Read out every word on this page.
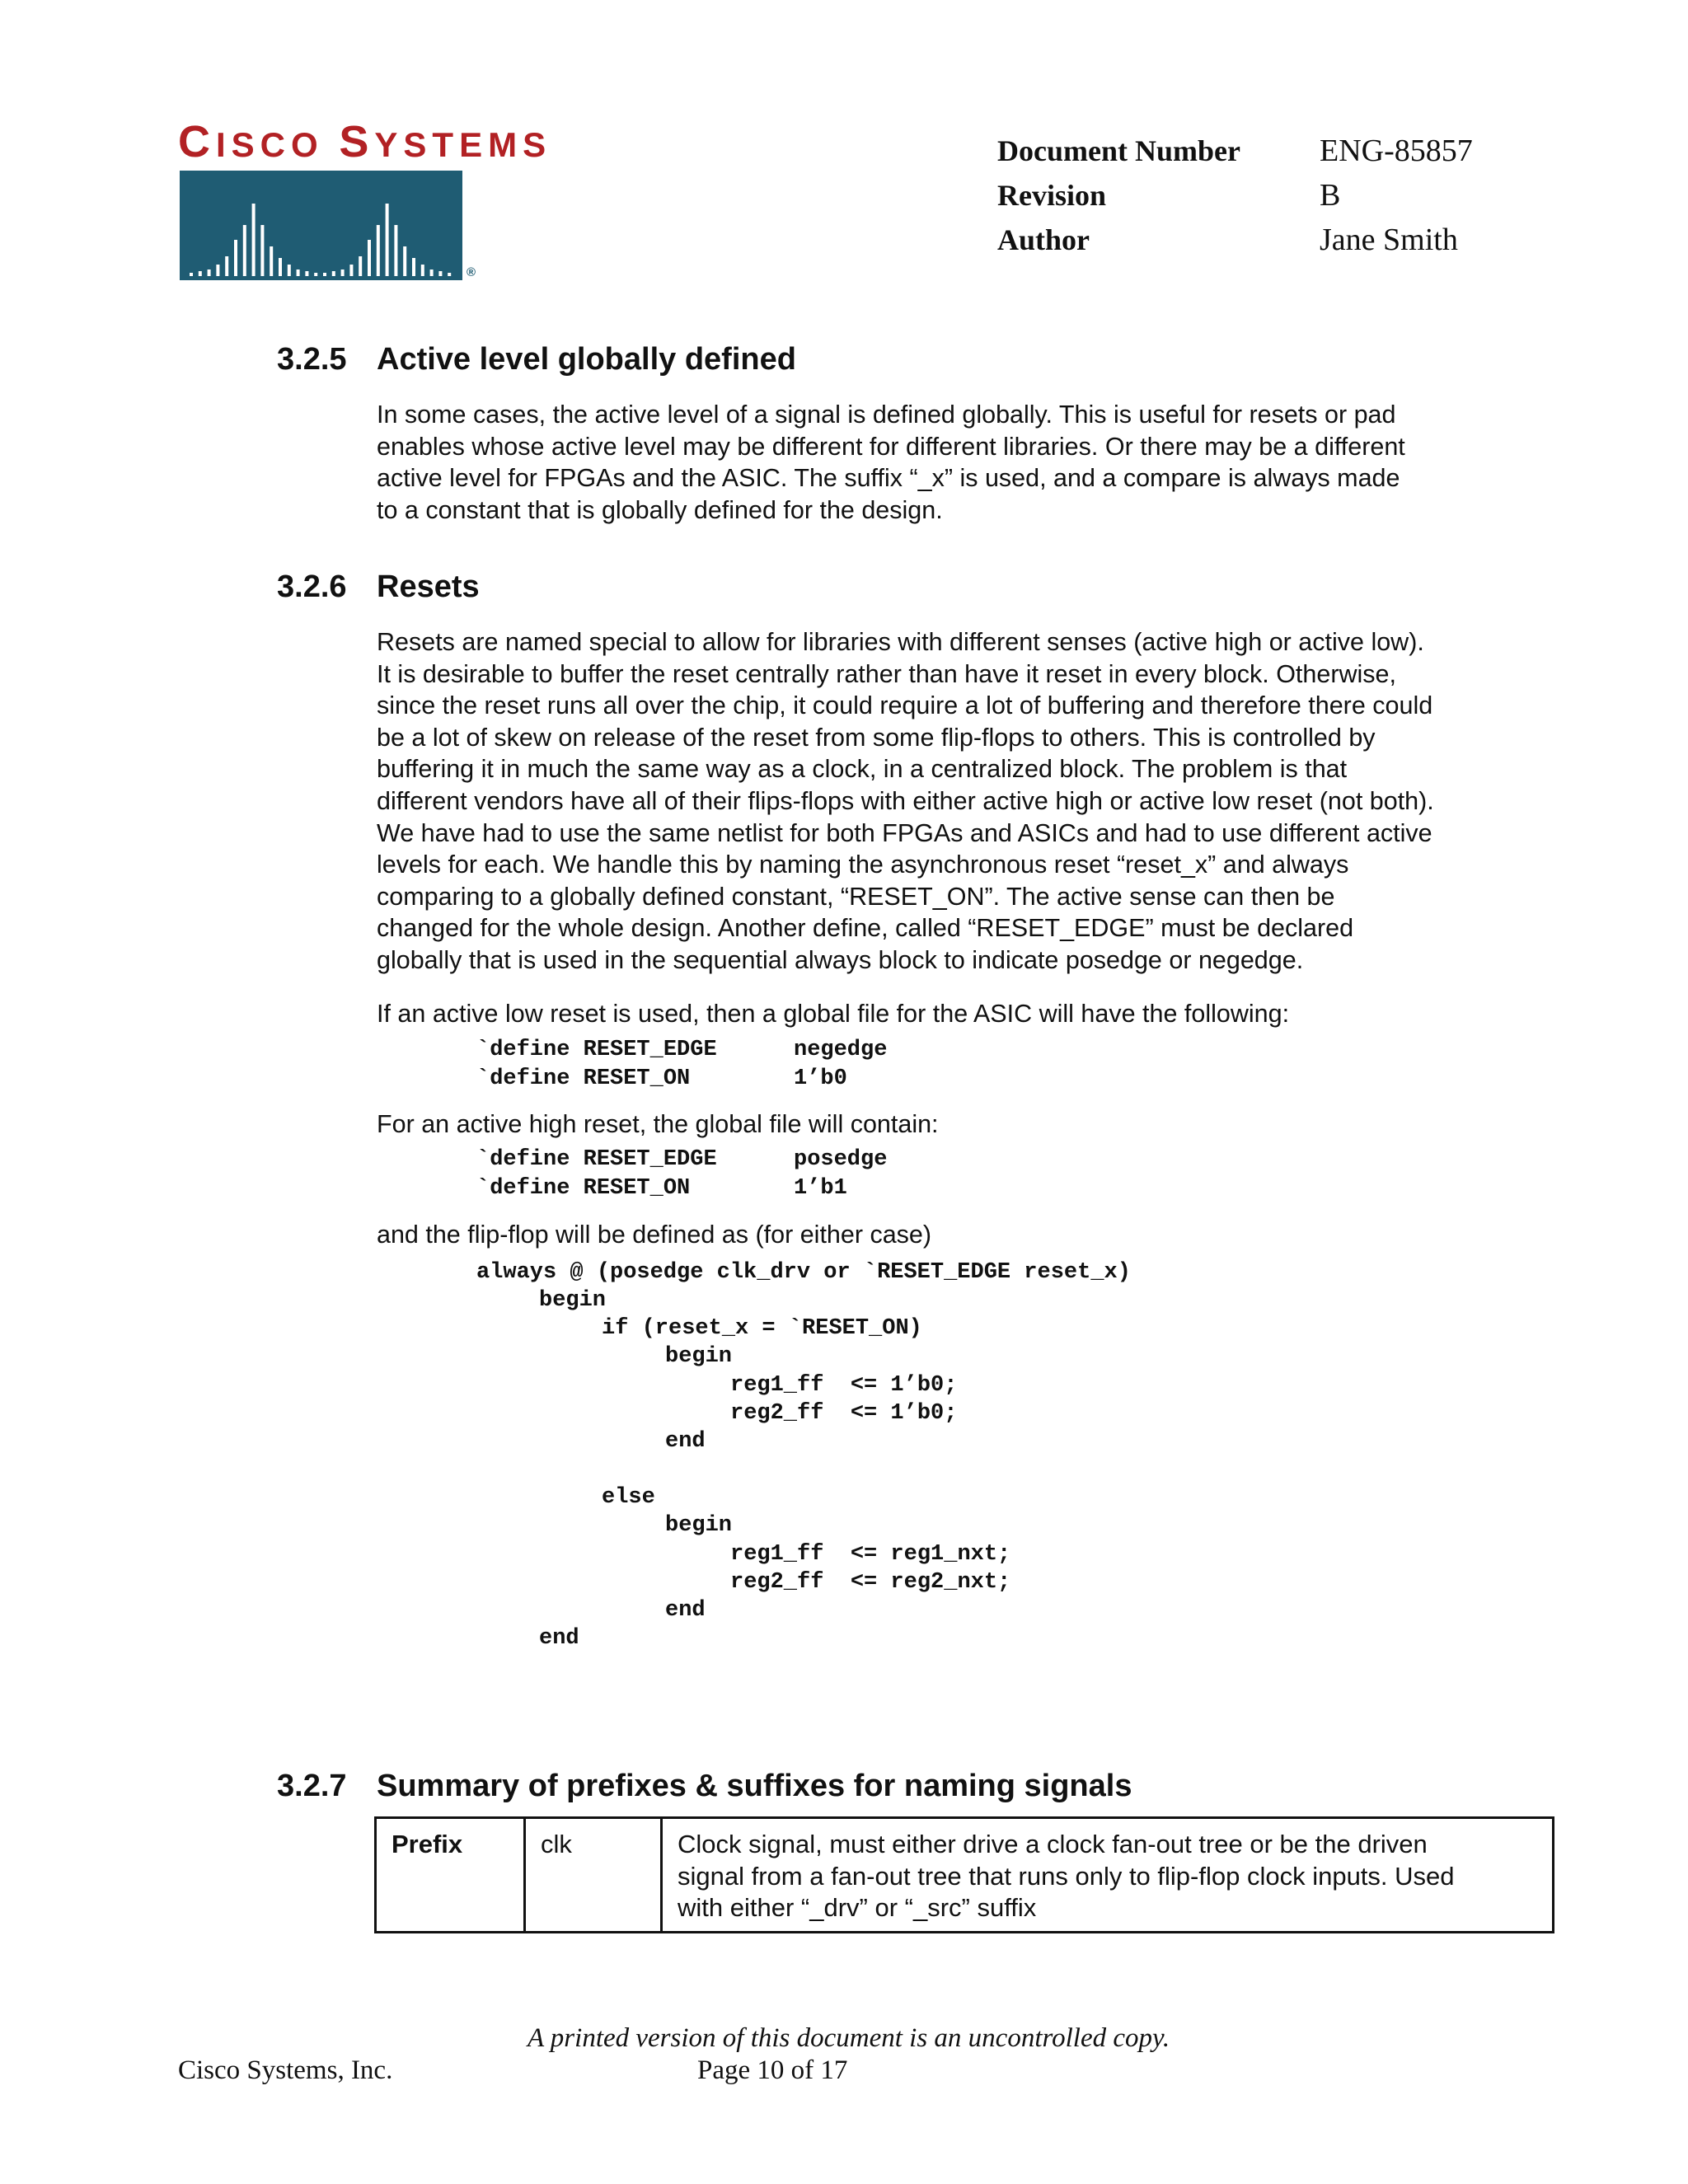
CISCO SYSTEMS
®
Document Number	ENG-85857
Revision	B
Author	Jane Smith
3.2.5 Active level globally defined

In some cases, the active level of a signal is defined globally. This is useful for resets or pad

enables whose active level may be different for different libraries. Or there may be a different

active level for FPGAs and the ASIC. The suffix “_x” is used, and a compare is always made

to a constant that is globally defined for the design.

3.2.6 Resets

Resets are named special to allow for libraries with different senses (active high or active low).

It is desirable to buffer the reset centrally rather than have it reset in every block. Otherwise,

since the reset runs all over the chip, it could require a lot of buffering and therefore there could

be a lot of skew on release of the reset from some flip-flops to others. This is controlled by

buffering it in much the same way as a clock, in a centralized block. The problem is that

different vendors have all of their flips-flops with either active high or active low reset (not both).

We have had to use the same netlist for both FPGAs and ASICs and had to use different active

levels for each. We handle this by naming the asynchronous reset “reset_x” and always

comparing to a globally defined constant, “RESET_ON”. The active sense can then be

changed for the whole design. Another define, called “RESET_EDGE” must be declared

globally that is used in the sequential always block to indicate posedge or negedge.

If an active low reset is used, then a global file for the ASIC will have the following:
`define RESET_EDGE	negedge
`define RESET_ON	1’b0
For an active high reset, the global file will contain:
`define RESET_EDGE	posedge
`define RESET_ON	1’b1
and the flip-flop will be defined as (for either case)
always @ (posedge clk_drv or `RESET_EDGE reset_x)
begin
if (reset_x = `RESET_ON)
begin
reg1_ff  <= 1’b0;
reg2_ff  <= 1’b0;
end
else
begin
reg1_ff  <= reg1_nxt;
reg2_ff  <= reg2_nxt;
end
end
3.2.7 Summary of prefixes & suffixes for naming signals
Prefix	clk	Clock signal, must either drive a clock fan-out tree or be the driven
signal from a fan-out tree that runs only to flip-flop clock inputs. Used
with either “_drv” or “_src” suffix
A printed version of this document is an uncontrolled copy.
Cisco Systems, Inc.	Page 10 of 17
